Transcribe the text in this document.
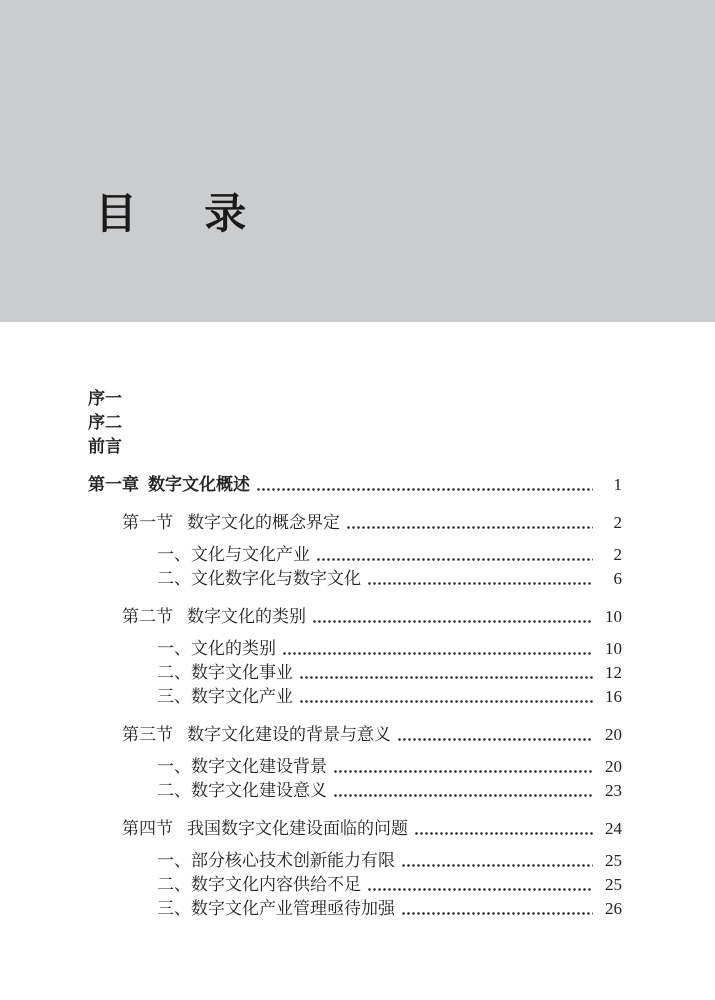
目　录
序一
序二
前言
第一章 数字文化概述	1
第一节 数字文化的概念界定	2
一、文化与文化产业	2
二、文化数字化与数字文化	6
第二节 数字文化的类别	10
一、文化的类别	10
二、数字文化事业	12
三、数字文化产业	16
第三节 数字文化建设的背景与意义	20
一、数字文化建设背景	20
二、数字文化建设意义	23
第四节 我国数字文化建设面临的问题	24
一、部分核心技术创新能力有限	25
二、数字文化内容供给不足	25
三、数字文化产业管理亟待加强	26
